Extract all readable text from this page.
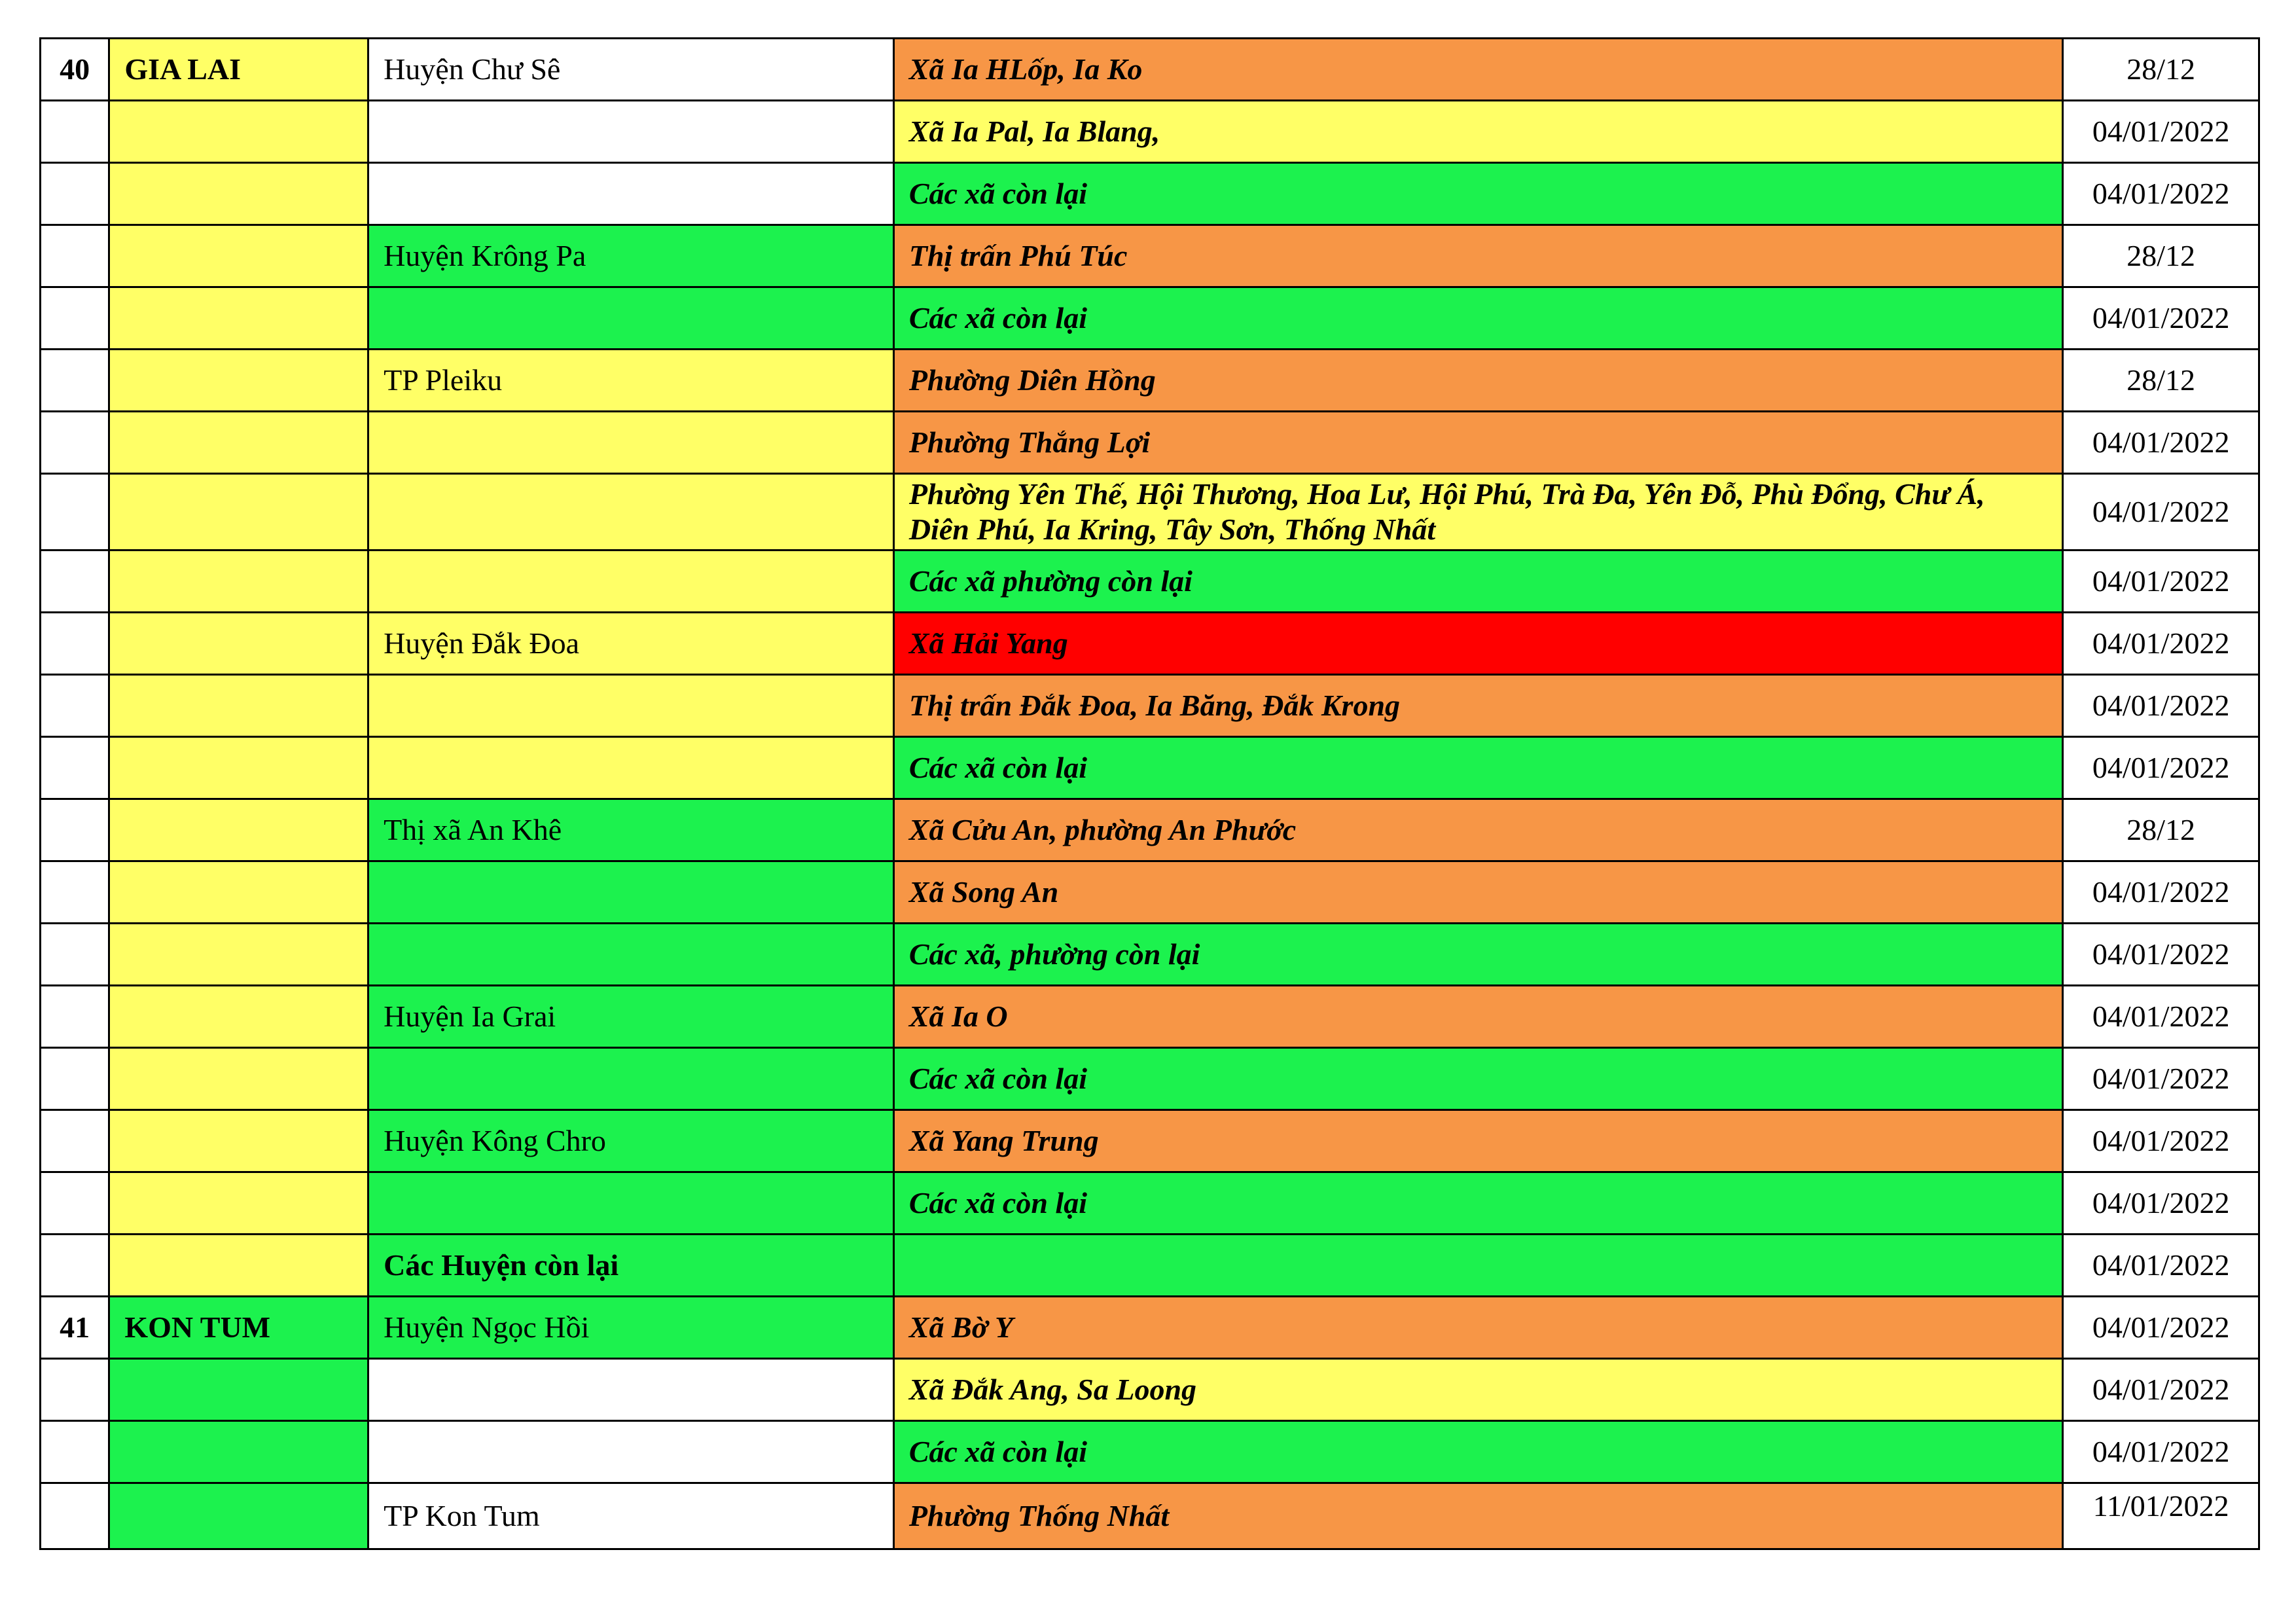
40	GIA LAI	Huyện Chư Sê	Xã Ia HLốp, Ia Ko	28/12
			Xã Ia Pal, Ia Blang,	04/01/2022
			Các xã còn lại	04/01/2022
		Huyện Krông Pa	Thị trấn Phú Túc	28/12
			Các xã còn lại	04/01/2022
		TP Pleiku	Phường Diên Hồng	28/12
			Phường Thắng Lợi	04/01/2022
			Phường Yên Thế, Hội Thương, Hoa Lư, Hội Phú, Trà Đa, Yên Đỗ, Phù Đổng, Chư Á, Diên Phú, Ia Kring, Tây Sơn, Thống Nhất	04/01/2022
			Các xã phường còn lại	04/01/2022
		Huyện Đắk Đoa	Xã Hải Yang	04/01/2022
			Thị trấn Đắk Đoa, Ia Băng, Đắk Krong	04/01/2022
			Các xã còn lại	04/01/2022
		Thị xã An Khê	Xã Cửu An, phường An Phước	28/12
			Xã Song An	04/01/2022
			Các xã, phường còn lại	04/01/2022
		Huyện Ia Grai	Xã Ia O	04/01/2022
			Các xã còn lại	04/01/2022
		Huyện Kông Chro	Xã Yang Trung	04/01/2022
			Các xã còn lại	04/01/2022
		Các Huyện còn lại		04/01/2022
41	KON TUM	Huyện Ngọc Hồi	Xã Bờ Y	04/01/2022
			Xã Đắk Ang, Sa Loong	04/01/2022
			Các xã còn lại	04/01/2022
		TP Kon Tum	Phường Thống Nhất	11/01/2022
